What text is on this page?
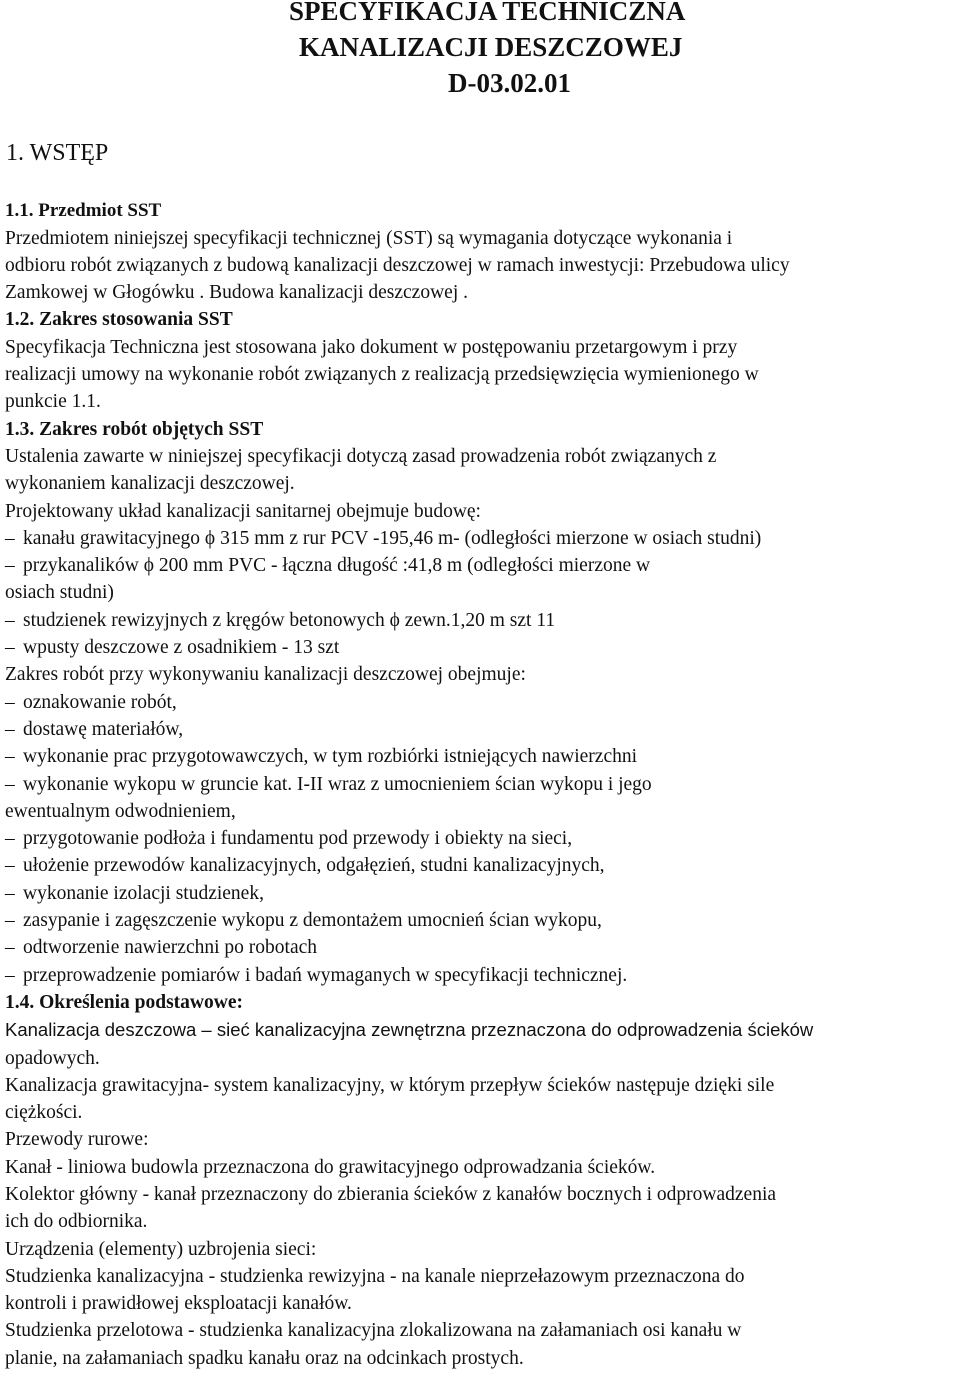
SPECYFIKACJA TECHNICZNA
KANALIZACJI DESZCZOWEJ
D-03.02.01
1. WSTĘP

1.1. Przedmiot SST

Przedmiotem niniejszej specyfikacji technicznej (SST) są wymagania dotyczące wykonania i

odbioru robót związanych z budową kanalizacji deszczowej w ramach inwestycji: Przebudowa ulicy

Zamkowej w Głogówku . Budowa kanalizacji deszczowej .

1.2. Zakres stosowania SST

Specyfikacja Techniczna jest stosowana jako dokument w postępowaniu przetargowym i przy

realizacji umowy na wykonanie robót związanych z realizacją przedsięwzięcia wymienionego w

punkcie 1.1.

1.3. Zakres robót objętych SST

Ustalenia zawarte w niniejszej specyfikacji dotyczą zasad prowadzenia robót związanych z

wykonaniem kanalizacji deszczowej.

Projektowany układ kanalizacji sanitarnej obejmuje budowę:

– kanału grawitacyjnego ϕ 315 mm z rur PCV -195,46 m- (odległości mierzone w osiach studni)
– przykanalików ϕ 200 mm PVC - łączna długość :41,8 m (odległości mierzone w

osiach studni)

– studzienek rewizyjnych z kręgów betonowych ϕ zewn.1,20 m szt 11
– wpusty deszczowe z osadnikiem - 13 szt

Zakres robót przy wykonywaniu kanalizacji deszczowej obejmuje:

– oznakowanie robót,
– dostawę materiałów,
– wykonanie prac przygotowawczych, w tym rozbiórki istniejących nawierzchni
– wykonanie wykopu w gruncie kat. I-II wraz z umocnieniem ścian wykopu i jego

ewentualnym odwodnieniem,

– przygotowanie podłoża i fundamentu pod przewody i obiekty na sieci,
– ułożenie przewodów kanalizacyjnych, odgałęzień, studni kanalizacyjnych,
– wykonanie izolacji studzienek,
– zasypanie i zagęszczenie wykopu z demontażem umocnień ścian wykopu,
– odtworzenie nawierzchni po robotach
– przeprowadzenie pomiarów i badań wymaganych w specyfikacji technicznej.

1.4. Określenia podstawowe:

Kanalizacja deszczowa – sieć kanalizacyjna zewnętrzna przeznaczona do odprowadzenia ścieków

opadowych.

Kanalizacja grawitacyjna- system kanalizacyjny, w którym przepływ ścieków następuje dzięki sile

ciężkości.

Przewody rurowe:

Kanał - liniowa budowla przeznaczona do grawitacyjnego odprowadzania ścieków.

Kolektor główny - kanał przeznaczony do zbierania ścieków z kanałów bocznych i odprowadzenia

ich do odbiornika.

Urządzenia (elementy) uzbrojenia sieci:

Studzienka kanalizacyjna - studzienka rewizyjna - na kanale nieprzełazowym przeznaczona do

kontroli i prawidłowej eksploatacji kanałów.

Studzienka przelotowa - studzienka kanalizacyjna zlokalizowana na załamaniach osi kanału w

planie, na załamaniach spadku kanału oraz na odcinkach prostych.
